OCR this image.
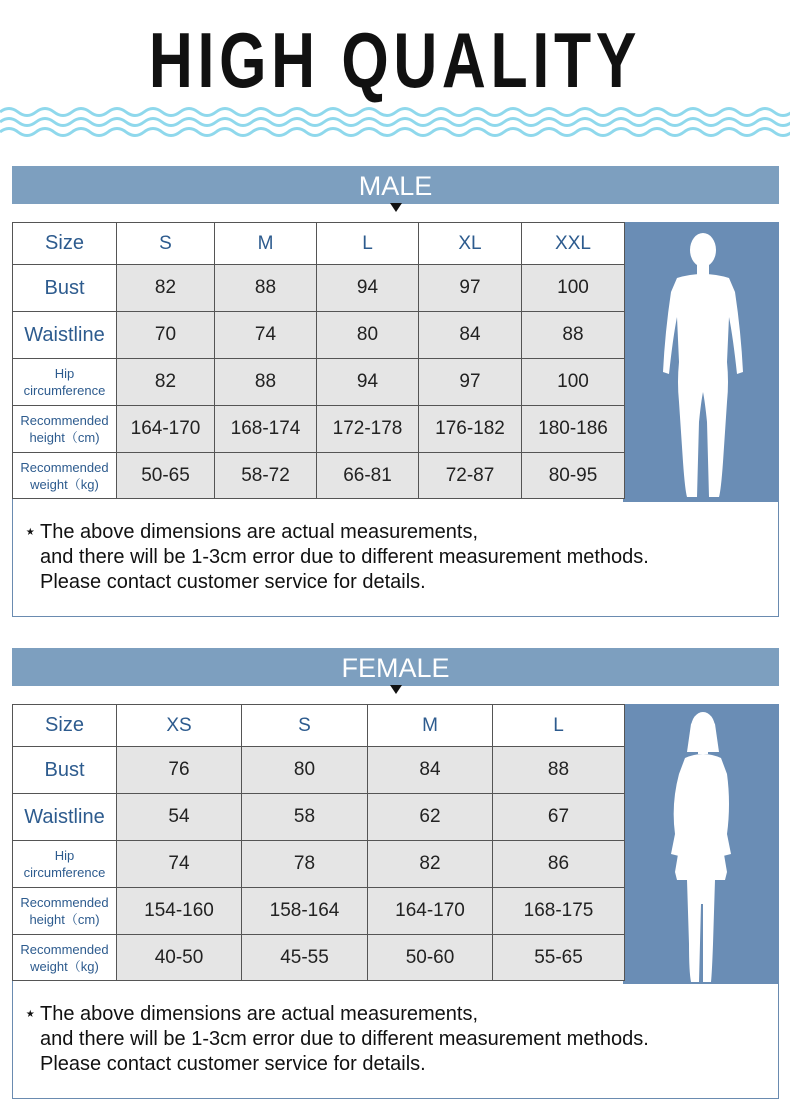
HIGH QUALITY
MALE
Size	S	M	L	XL	XXL
Bust	82	88	94	97	100
Waistline	70	74	80	84	88
Hip circumference	82	88	94	97	100
Recommended height（cm)	164-170	168-174	172-178	176-182	180-186
Recommended weight（kg)	50-65	58-72	66-81	72-87	80-95
⋆ The above dimensions are actual measurements,
and there will be 1-3cm error due to different measurement methods.
Please contact customer service for details.
FEMALE
Size	XS	S	M	L
Bust	76	80	84	88
Waistline	54	58	62	67
Hip circumference	74	78	82	86
Recommended height（cm)	154-160	158-164	164-170	168-175
Recommended weight（kg)	40-50	45-55	50-60	55-65
⋆ The above dimensions are actual measurements,
and there will be 1-3cm error due to different measurement methods.
Please contact customer service for details.
